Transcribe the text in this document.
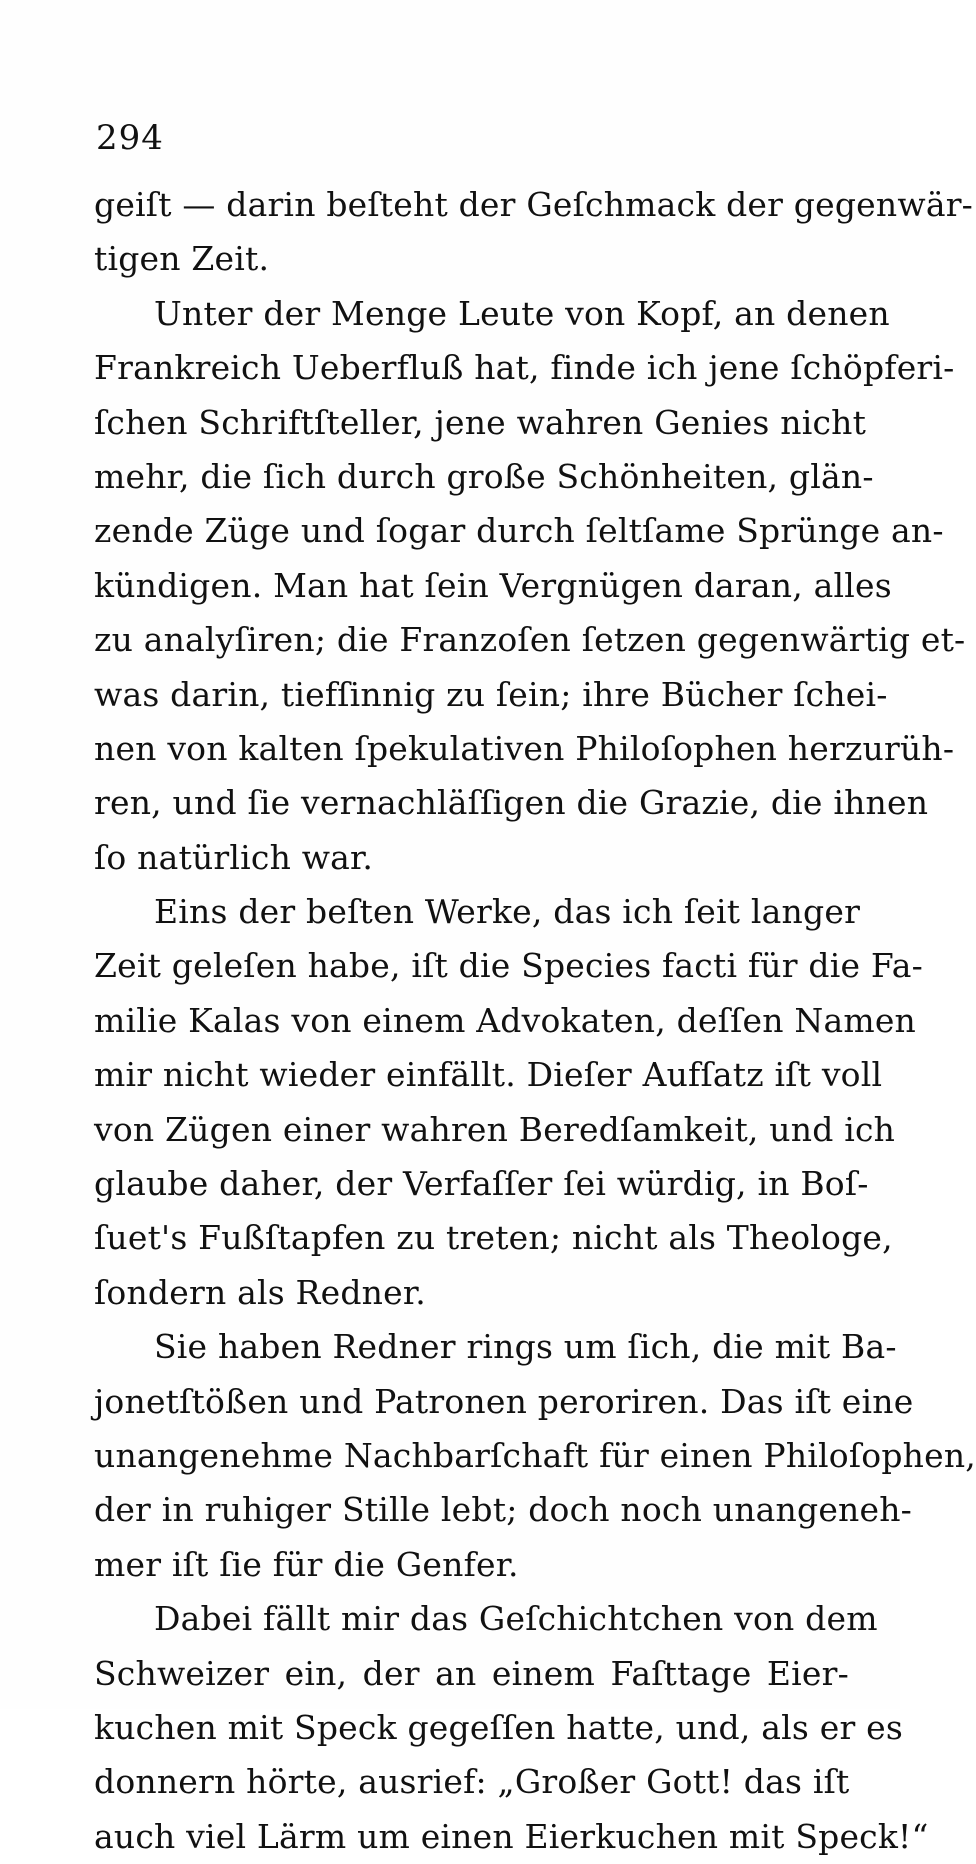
294
geiſt — darin beſteht der Geſchmack der gegenwär-
tigen Zeit.
Unter der Menge Leute von Kopf, an denen
Frankreich Ueberfluß hat, finde ich jene ſchöpferi-
ſchen Schriftſteller, jene wahren Genies nicht
mehr, die ſich durch große Schönheiten, glän-
zende Züge und ſogar durch ſeltſame Sprünge an-
kündigen. Man hat ſein Vergnügen daran, alles
zu analyſiren; die Franzoſen ſetzen gegenwärtig et-
was darin, tiefſinnig zu ſein; ihre Bücher ſchei-
nen von kalten ſpekulativen Philoſophen herzurüh-
ren, und ſie vernachläſſigen die Grazie, die ihnen
ſo natürlich war.
Eins der beſten Werke, das ich ſeit langer
Zeit geleſen habe, iſt die Species facti für die Fa-
milie Kalas von einem Advokaten, deſſen Namen
mir nicht wieder einfällt. Dieſer Aufſatz iſt voll
von Zügen einer wahren Beredſamkeit, und ich
glaube daher, der Verfaſſer ſei würdig, in Boſ-
ſuet's Fußſtapfen zu treten; nicht als Theologe,
ſondern als Redner.
Sie haben Redner rings um ſich, die mit Ba-
jonetſtößen und Patronen peroriren. Das iſt eine
unangenehme Nachbarſchaft für einen Philoſophen,
der in ruhiger Stille lebt; doch noch unangeneh-
mer iſt ſie für die Genfer.
Dabei fällt mir das Geſchichtchen von dem
Schweizer ein, der an einem Faſttage Eier-
kuchen mit Speck gegeſſen hatte, und, als er es
donnern hörte, ausrief: „Großer Gott! das iſt
auch viel Lärm um einen Eierkuchen mit Speck!“
